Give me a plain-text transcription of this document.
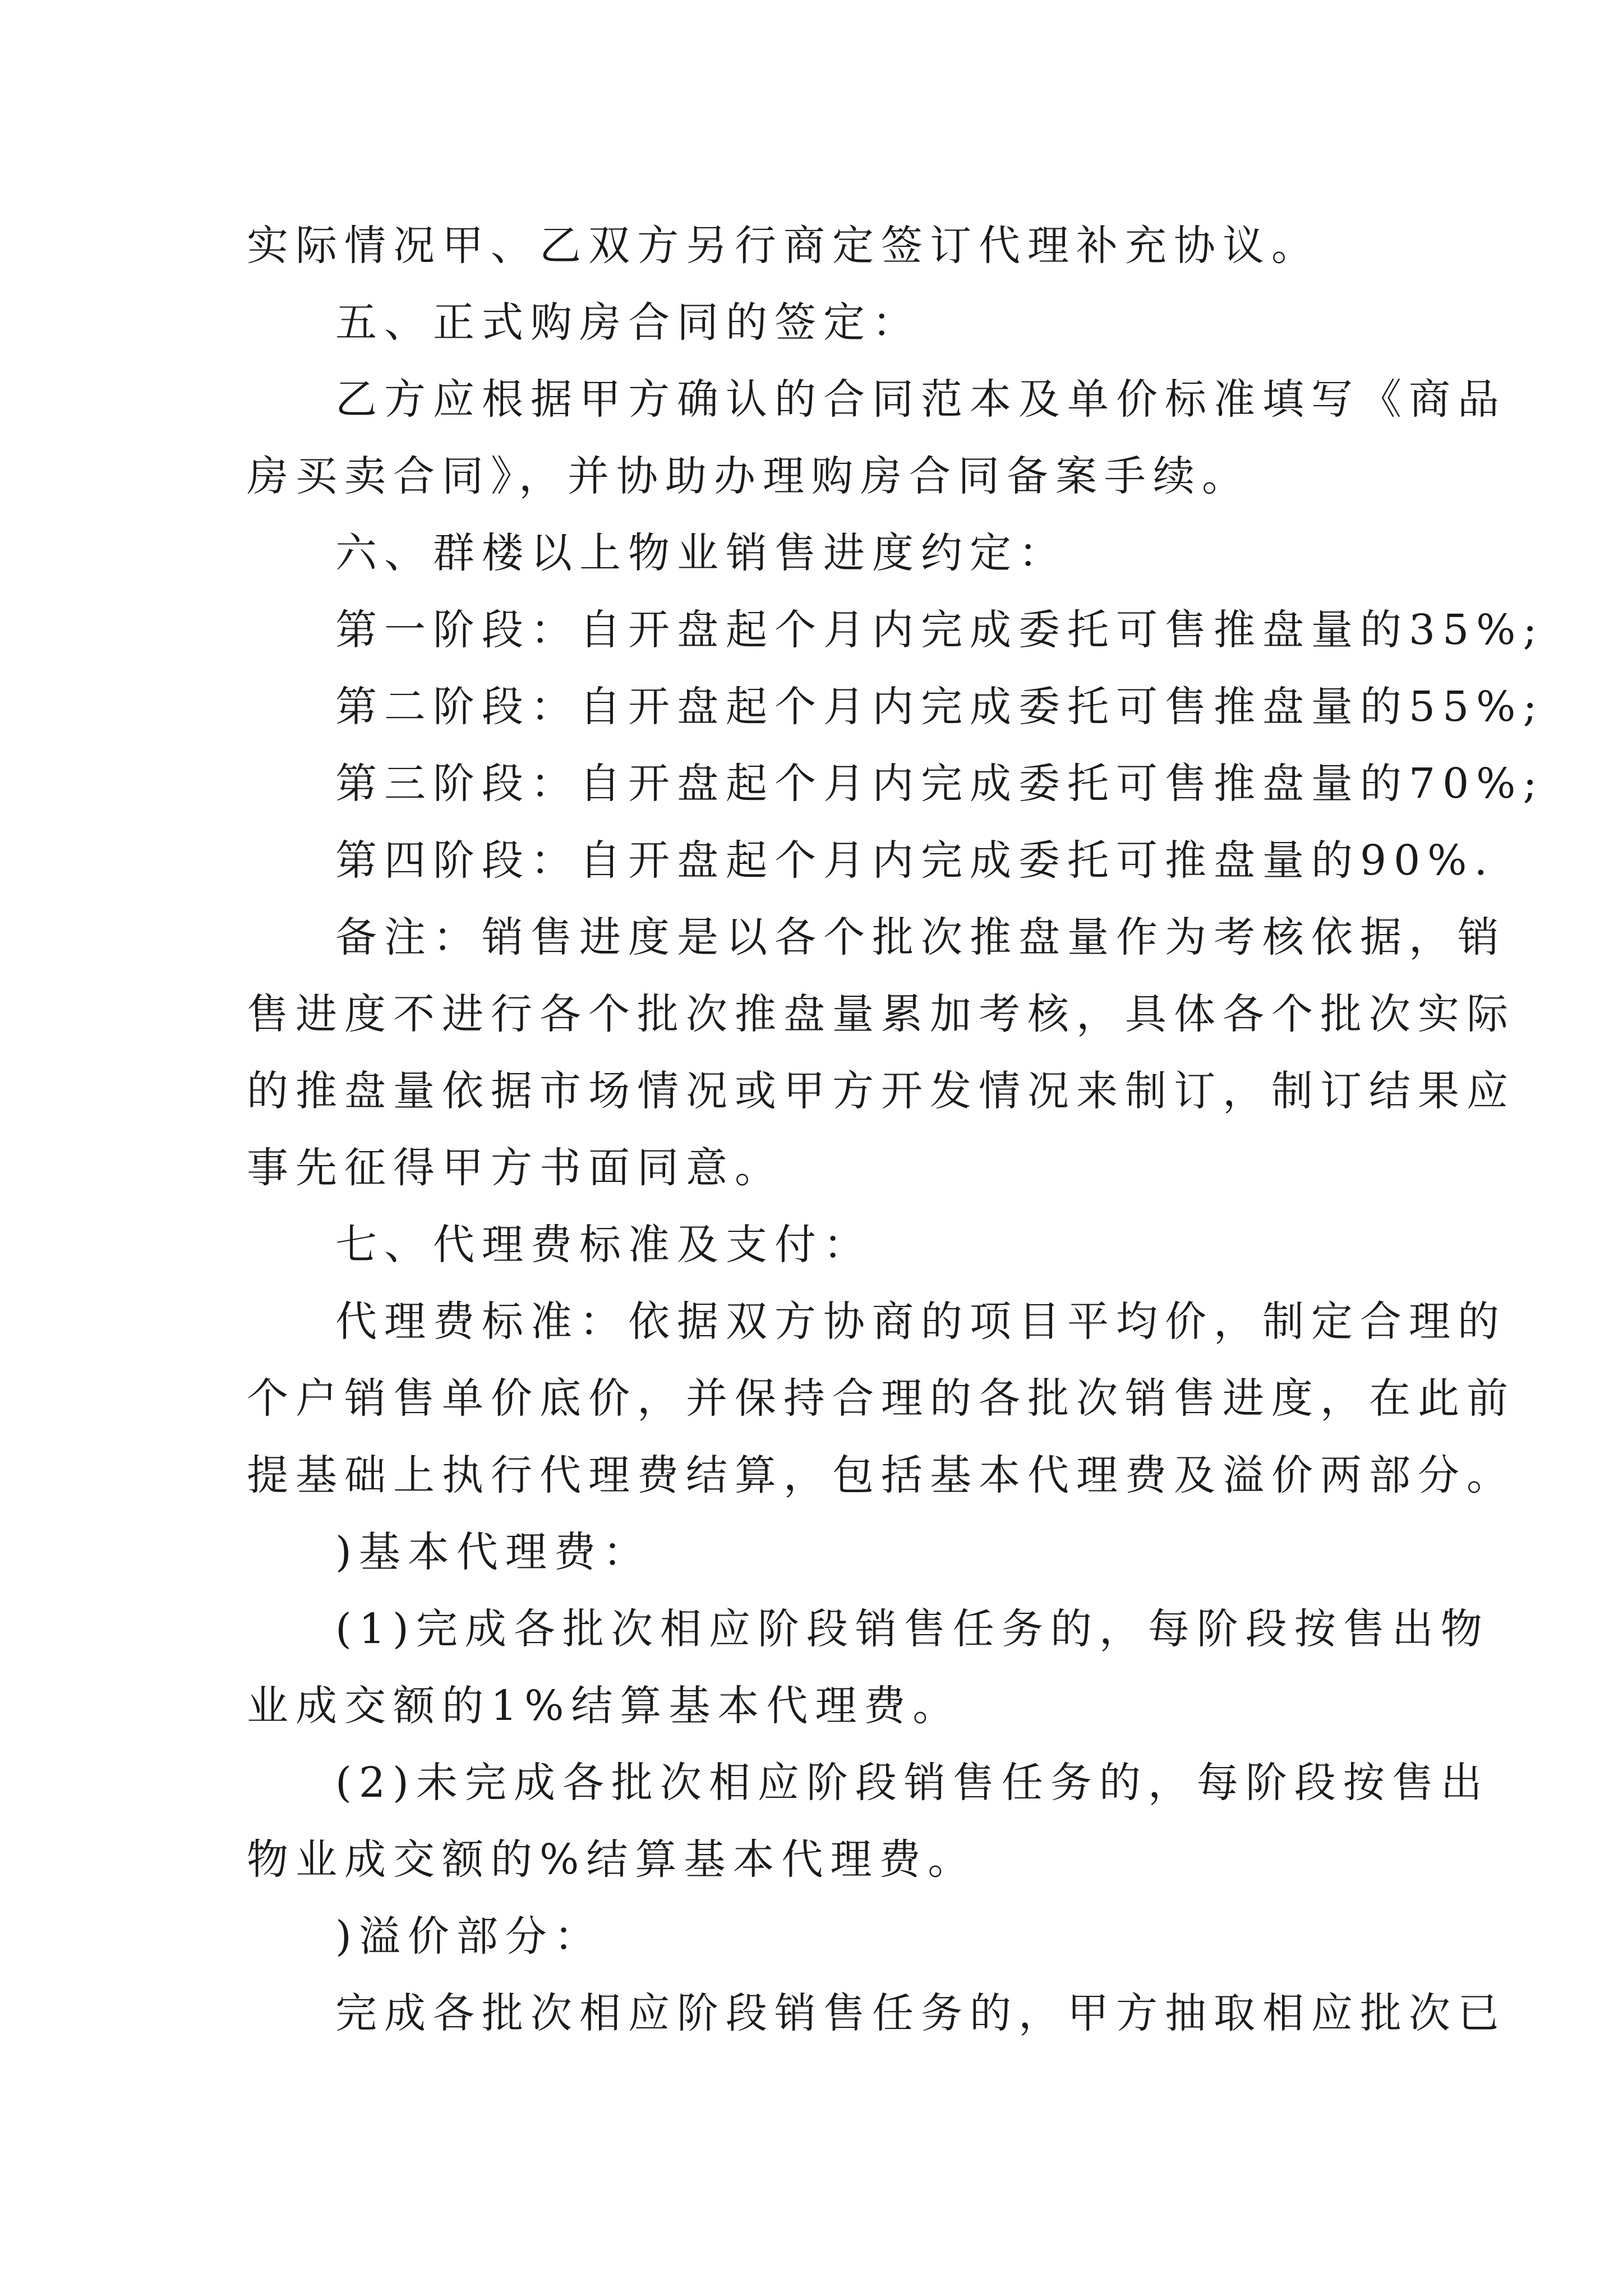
实际情况甲、乙双方另行商定签订代理补充协议。

五、正式购房合同的签定：

乙方应根据甲方确认的合同范本及单价标准填写《商品

房买卖合同》，并协助办理购房合同备案手续。

六、群楼以上物业销售进度约定：

第一阶段：自开盘起个月内完成委托可售推盘量的35%;

第二阶段：自开盘起个月内完成委托可售推盘量的55%;

第三阶段：自开盘起个月内完成委托可售推盘量的70%;

第四阶段：自开盘起个月内完成委托可推盘量的90%.

备注：销售进度是以各个批次推盘量作为考核依据，销

售进度不进行各个批次推盘量累加考核，具体各个批次实际

的推盘量依据市场情况或甲方开发情况来制订，制订结果应

事先征得甲方书面同意。

七、代理费标准及支付：

代理费标准：依据双方协商的项目平均价，制定合理的

个户销售单价底价，并保持合理的各批次销售进度，在此前

提基础上执行代理费结算，包括基本代理费及溢价两部分。

)基本代理费：

(1)完成各批次相应阶段销售任务的，每阶段按售出物

业成交额的1%结算基本代理费。

(2)未完成各批次相应阶段销售任务的，每阶段按售出

物业成交额的%结算基本代理费。

)溢价部分：

完成各批次相应阶段销售任务的，甲方抽取相应批次已
